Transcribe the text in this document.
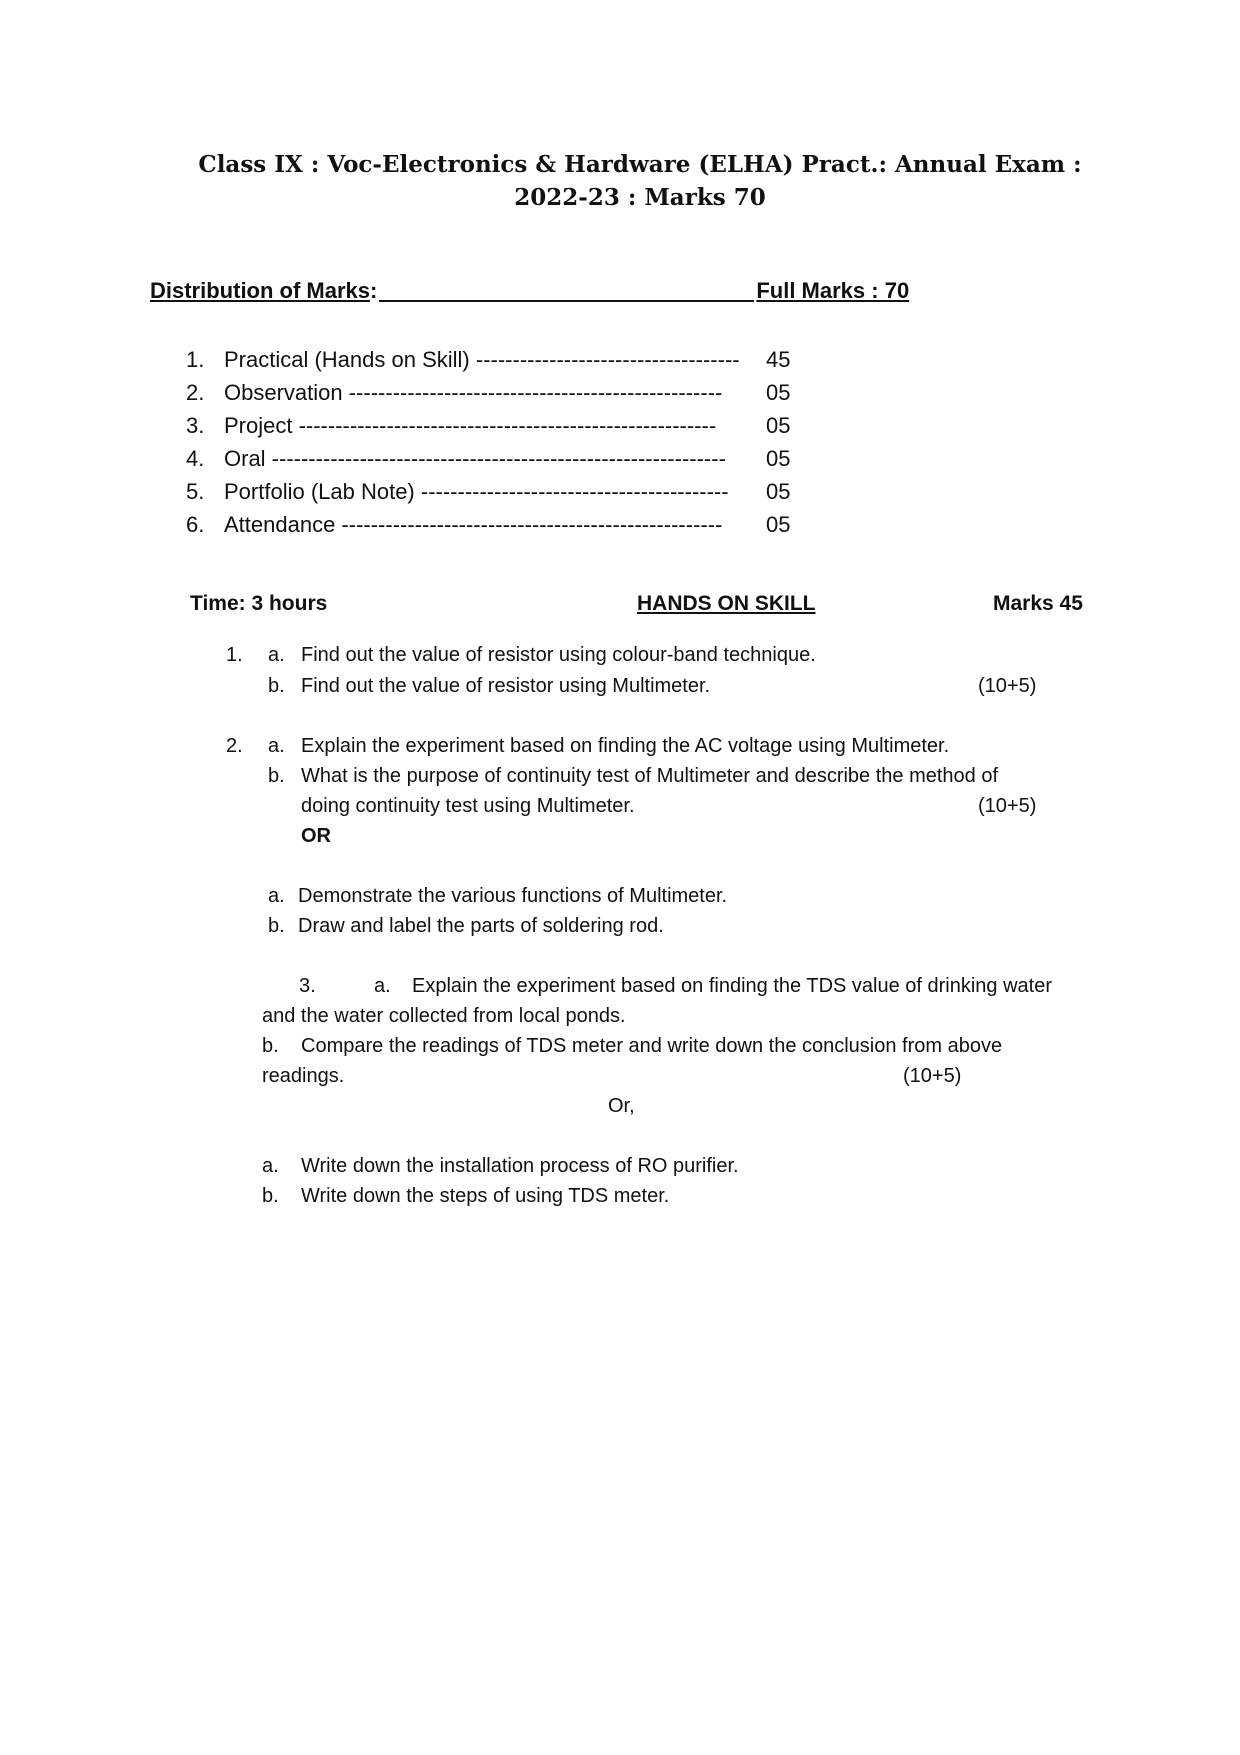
Class IX : Voc-Electronics & Hardware (ELHA) Pract.: Annual Exam :
2022-23 : Marks 70
Distribution of Marks:	Full Marks : 70
1. Practical (Hands on Skill) ------------------------------------ 45
2. Observation --------------------------------------------------- 05
3. Project --------------------------------------------------------- 05
4. Oral -------------------------------------------------------------- 05
5. Portfolio (Lab Note) ------------------------------------------ 05
6. Attendance ---------------------------------------------------- 05
Time: 3 hours	HANDS ON SKILL	Marks 45
1. a. Find out the value of resistor using colour-band technique.
b. Find out the value of resistor using Multimeter.	(10+5)
2. a. Explain the experiment based on finding the AC voltage using Multimeter.
b. What is the purpose of continuity test of Multimeter and describe the method of
doing continuity test using Multimeter.	(10+5)
OR
a. Demonstrate the various functions of Multimeter.
b. Draw and label the parts of soldering rod.
3.	a. Explain the experiment based on finding the TDS value of drinking water
and the water collected from local ponds.
b. Compare the readings of TDS meter and write down the conclusion from above
readings.	(10+5)
Or,
a. Write down the installation process of RO purifier.
b. Write down the steps of using TDS meter.
